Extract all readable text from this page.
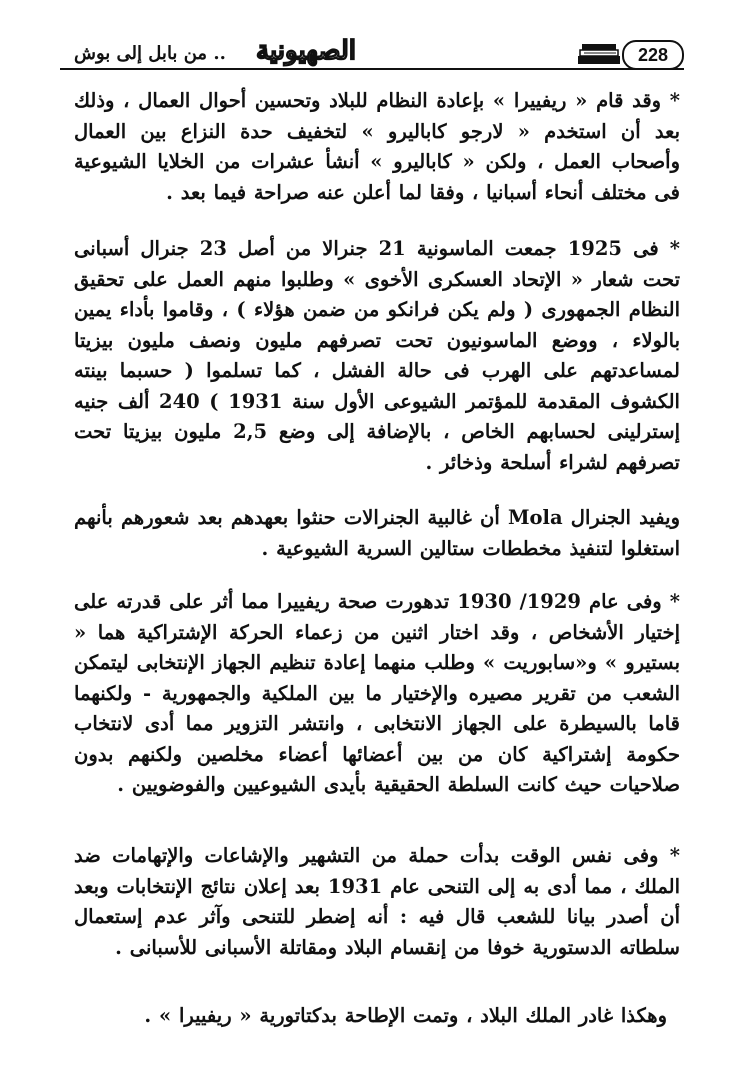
.. من بابل إلى بوش الصهيونية	228

* وقد قام « ريفييرا » بإعادة النظام للبلاد وتحسين أحوال العمال ، وذلك بعد أن استخدم « لارجو كاباليرو » لتخفيف حدة النزاع بين العمال وأصحاب العمل ، ولكن « كاباليرو » أنشأ عشرات من الخلايا الشيوعية فى مختلف أنحاء أسبانيا ، وفقا لما أعلن عنه صراحة فيما بعد .

* فى 1925 جمعت الماسونية 21 جنرالا من أصل 23 جنرال أسبانى تحت شعار « الإتحاد العسكرى الأخوى » وطلبوا منهم العمل على تحقيق النظام الجمهورى ( ولم يكن فرانكو من ضمن هؤلاء ) ، وقاموا بأداء يمين بالولاء ، ووضع الماسونيون تحت تصرفهم مليون ونصف مليون بيزيتا لمساعدتهم على الهرب فى حالة الفشل ، كما تسلموا ( حسبما بينته الكشوف المقدمة للمؤتمر الشيوعى الأول سنة 1931 ) 240 ألف جنيه إسترلينى لحسابهم الخاص ، بالإضافة إلى وضع 2,5 مليون بيزيتا تحت تصرفهم لشراء أسلحة وذخائر .

ويفيد الجنرال Mola أن غالبية الجنرالات حنثوا بعهدهم بعد شعورهم بأنهم استغلوا لتنفيذ مخططات ستالين السرية الشيوعية .

* وفى عام 1929/ 1930 تدهورت صحة ريفييرا مما أثر على قدرته على إختيار الأشخاص ، وقد اختار اثنين من زعماء الحركة الإشتراكية هما « بستيرو » و«سابوريت » وطلب منهما إعادة تنظيم الجهاز الإنتخابى ليتمكن الشعب من تقرير مصيره والإختيار ما بين الملكية والجمهورية - ولكنهما قاما بالسيطرة على الجهاز الانتخابى ، وانتشر التزوير مما أدى لانتخاب حكومة إشتراكية كان من بين أعضائها أعضاء مخلصين ولكنهم بدون صلاحيات حيث كانت السلطة الحقيقية بأيدى الشيوعيين والفوضويين .

* وفى نفس الوقت بدأت حملة من التشهير والإشاعات والإتهامات ضد الملك ، مما أدى به إلى التنحى عام 1931 بعد إعلان نتائج الإنتخابات وبعد أن أصدر بيانا للشعب قال فيه : أنه إضطر للتنحى وآثر عدم إستعمال سلطاته الدستورية خوفا من إنقسام البلاد ومقاتلة الأسبانى للأسبانى .

وهكذا غادر الملك البلاد ، وتمت الإطاحة بدكتاتورية « ريفييرا » .
